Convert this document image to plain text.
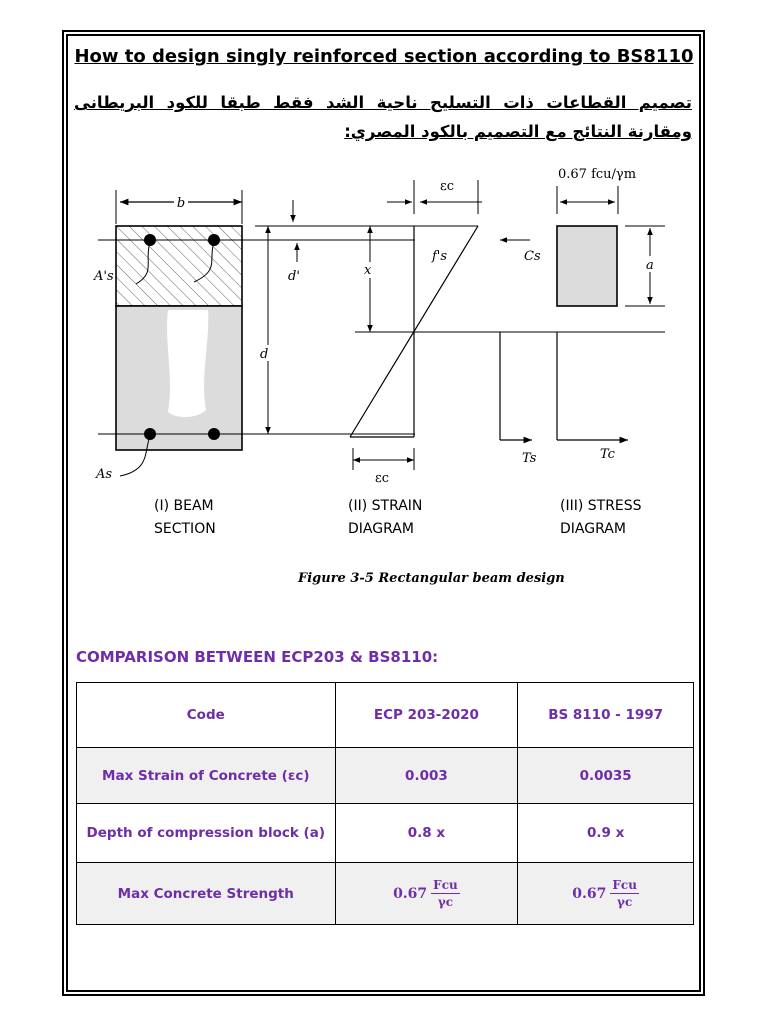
How to design singly reinforced section according to BS8110
تصميم القطاعات ذات التسليح ناحية الشد فقط طبقا للكود البريطانى ومقارنة النتائج مع التصميم بالكود المصري:
b
A's
As
d'
d
εc
x
f's
εc
Cs
Ts
0.67 fcu/γm
a
Tc
(I) BEAM
SECTION
(II) STRAIN
DIAGRAM
(III) STRESS
DIAGRAM
Figure 3-5 Rectangular beam design
COMPARISON BETWEEN ECP203 & BS8110:
Code	ECP 203-2020	BS 8110 - 1997
Max Strain of Concrete (εc)	0.003	0.0035
Depth of compression block (a)	0.8 x	0.9 x
Max Concrete Strength	$0.67 \frac{\text{Fcu}}{\gamma c}$	$0.67 \frac{\text{Fcu}}{\gamma c}$
